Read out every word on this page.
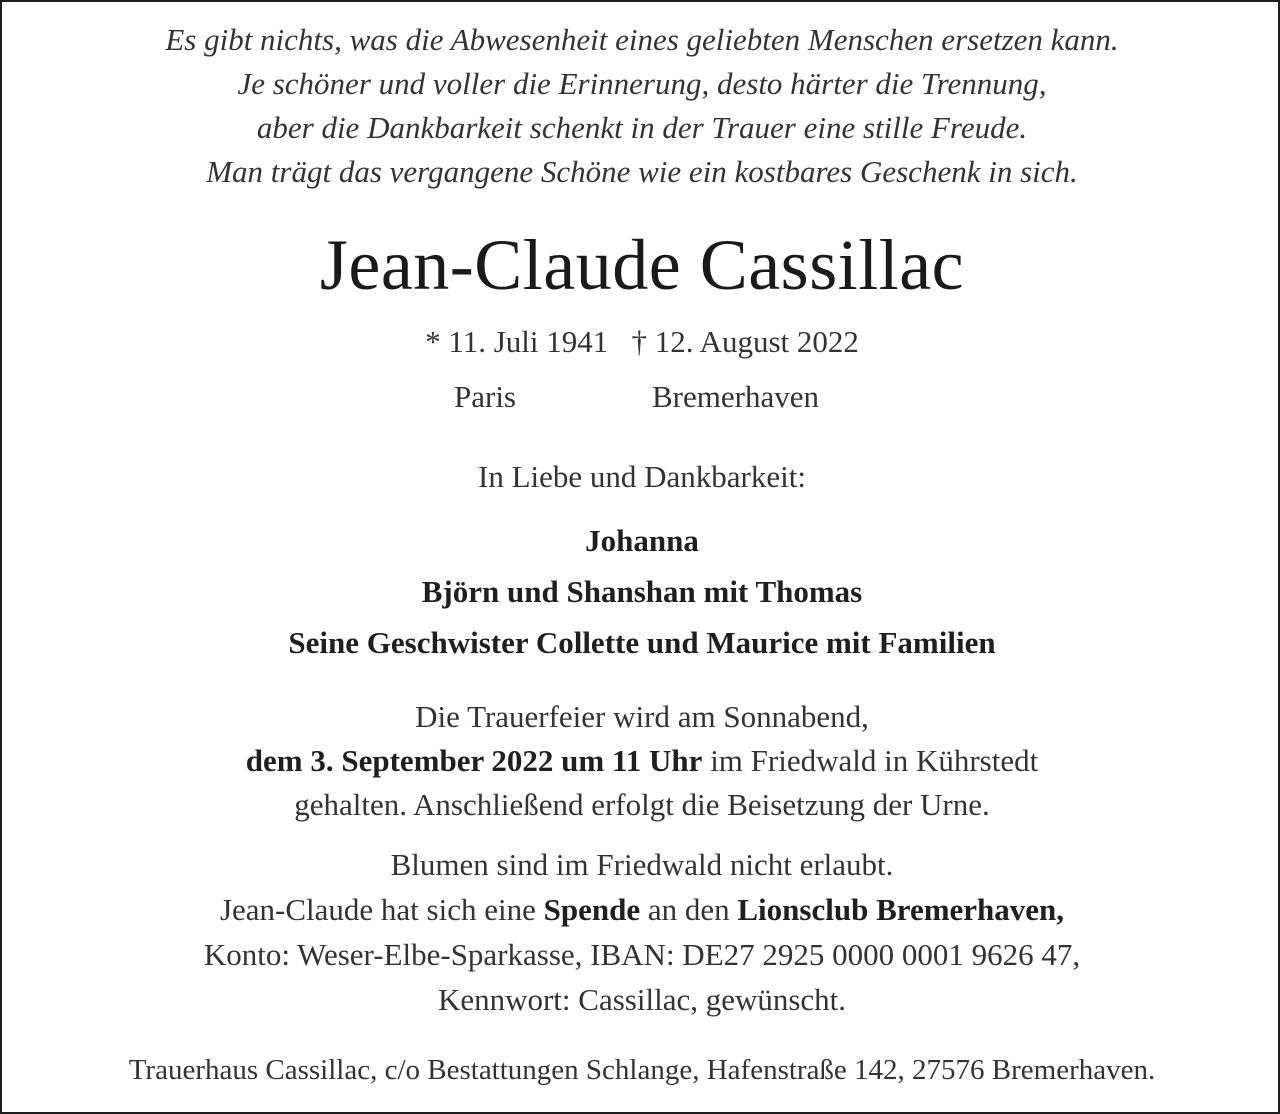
Es gibt nichts, was die Abwesenheit eines geliebten Menschen ersetzen kann.
Je schöner und voller die Erinnerung, desto härter die Trennung,
aber die Dankbarkeit schenkt in der Trauer eine stille Freude.
Man trägt das vergangene Schöne wie ein kostbares Geschenk in sich.
Jean-Claude Cassillac
* 11. Juli 1941   † 12. August 2022
Paris	Bremerhaven
In Liebe und Dankbarkeit:
Johanna
Björn und Shanshan mit Thomas
Seine Geschwister Collette und Maurice mit Familien
Die Trauerfeier wird am Sonnabend,
dem 3. September 2022 um 11 Uhr im Friedwald in Kührstedt
gehalten. Anschließend erfolgt die Beisetzung der Urne.
Blumen sind im Friedwald nicht erlaubt.
Jean-Claude hat sich eine Spende an den Lionsclub Bremerhaven,
Konto: Weser-Elbe-Sparkasse, IBAN: DE27 2925 0000 0001 9626 47,
Kennwort: Cassillac, gewünscht.
Trauerhaus Cassillac, c/o Bestattungen Schlange, Hafenstraße 142, 27576 Bremerhaven.
